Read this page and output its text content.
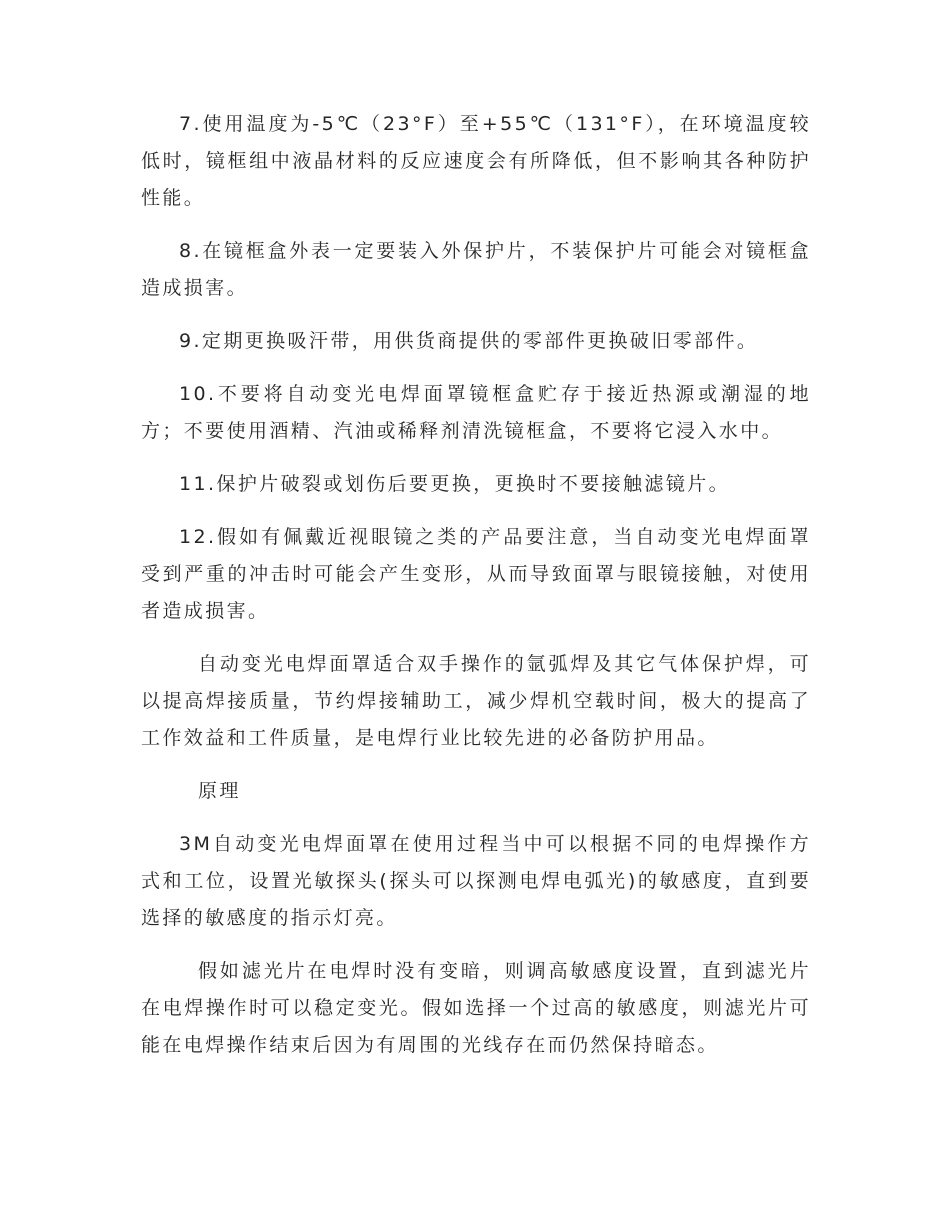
7.使用温度为-5℃（23°F）至+55℃（131°F），在环境温度较低时，镜框组中液晶材料的反应速度会有所降低，但不影响其各种防护性能。

8.在镜框盒外表一定要装入外保护片，不装保护片可能会对镜框盒造成损害。

9.定期更换吸汗带，用供货商提供的零部件更换破旧零部件。

10.不要将自动变光电焊面罩镜框盒贮存于接近热源或潮湿的地方；不要使用酒精、汽油或稀释剂清洗镜框盒，不要将它浸入水中。

11.保护片破裂或划伤后要更换，更换时不要接触滤镜片。

12.假如有佩戴近视眼镜之类的产品要注意，当自动变光电焊面罩受到严重的冲击时可能会产生变形，从而导致面罩与眼镜接触，对使用者造成损害。

自动变光电焊面罩适合双手操作的氩弧焊及其它气体保护焊，可以提高焊接质量，节约焊接辅助工，减少焊机空载时间，极大的提高了工作效益和工件质量，是电焊行业比较先进的必备防护用品。

原理

3M自动变光电焊面罩在使用过程当中可以根据不同的电焊操作方式和工位，设置光敏探头(探头可以探测电焊电弧光)的敏感度，直到要选择的敏感度的指示灯亮。

假如滤光片在电焊时没有变暗，则调高敏感度设置，直到滤光片在电焊操作时可以稳定变光。假如选择一个过高的敏感度，则滤光片可能在电焊操作结束后因为有周围的光线存在而仍然保持暗态。
